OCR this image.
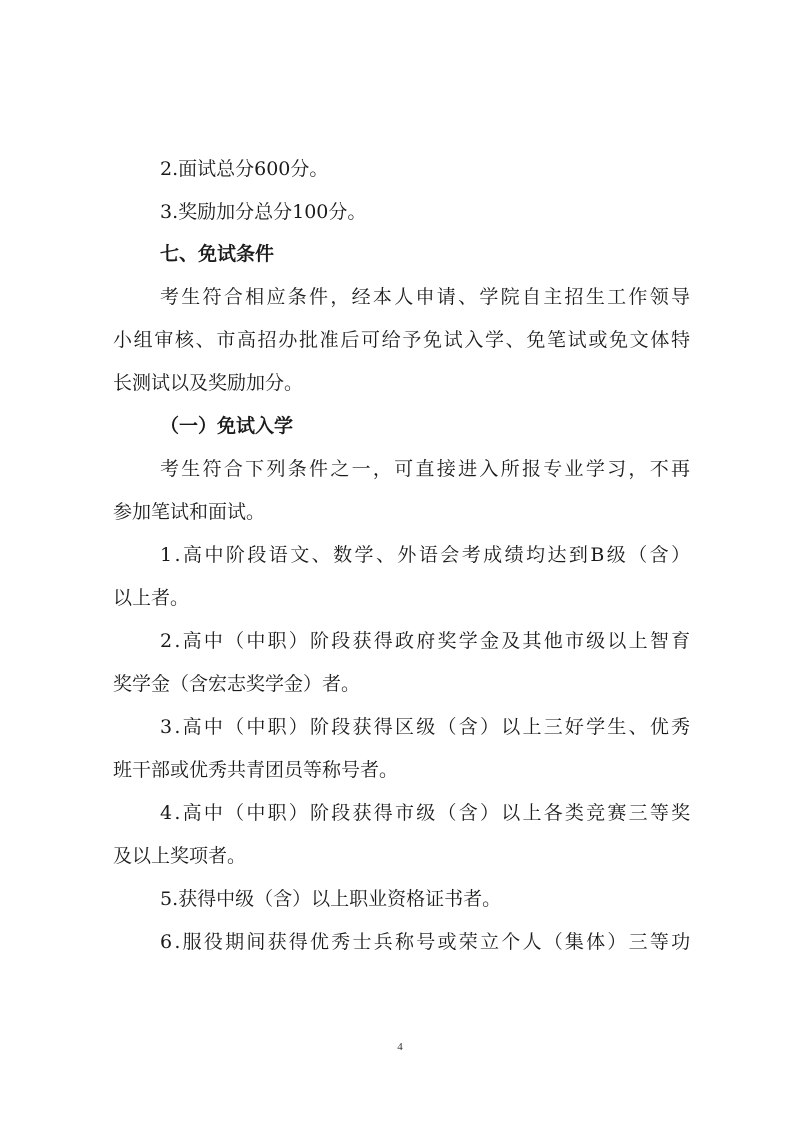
2.面试总分600分。
3.奖励加分总分100分。
七、免试条件
考生符合相应条件，经本人申请、学院自主招生工作领导
小组审核、市高招办批准后可给予免试入学、免笔试或免文体特
长测试以及奖励加分。
（一）免试入学
考生符合下列条件之一，可直接进入所报专业学习，不再
参加笔试和面试。
1.高中阶段语文、数学、外语会考成绩均达到B级（含）
以上者。
2.高中（中职）阶段获得政府奖学金及其他市级以上智育
奖学金（含宏志奖学金）者。
3.高中（中职）阶段获得区级（含）以上三好学生、优秀
班干部或优秀共青团员等称号者。
4.高中（中职）阶段获得市级（含）以上各类竞赛三等奖
及以上奖项者。
5.获得中级（含）以上职业资格证书者。
6.服役期间获得优秀士兵称号或荣立个人（集体）三等功
4
